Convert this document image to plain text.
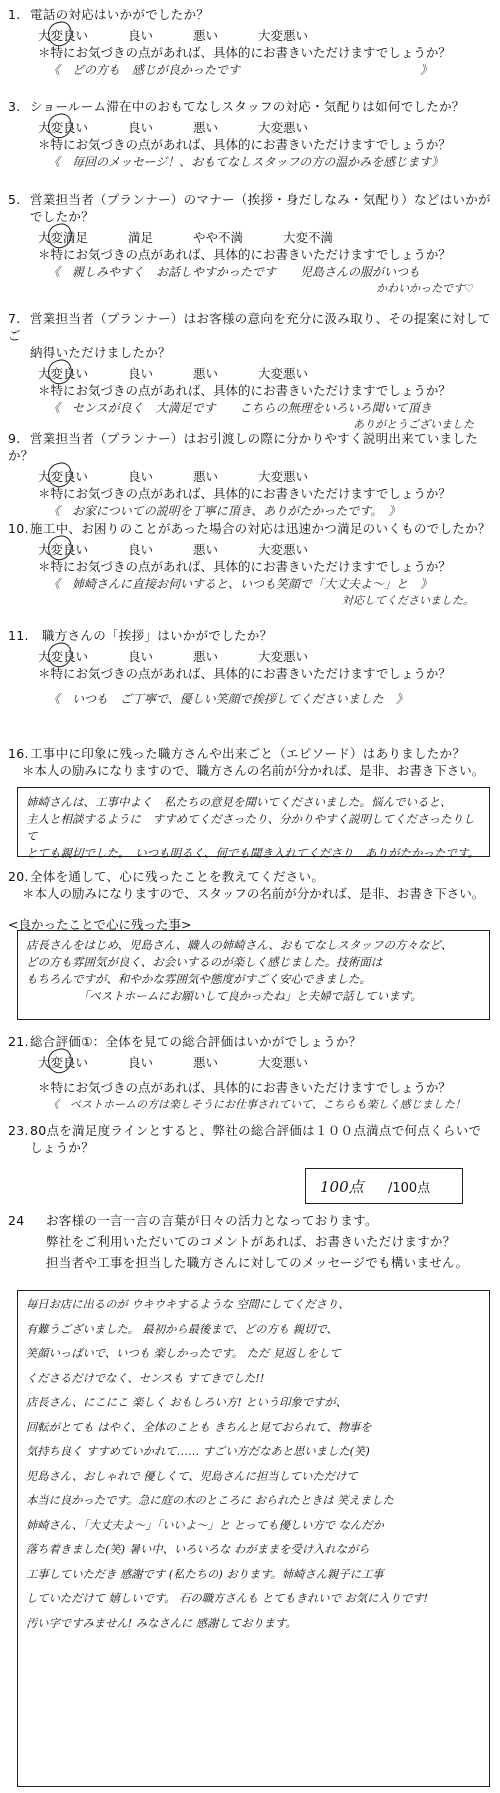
1. 電話の対応はいかがでしたか？
大変良い	良い	悪い	大変悪い
＊特にお気づきの点があれば、具体的にお書きいただけますでしょうか？
《　どの方も　感じが良かったです　　　　　　　　　　　　　　　》
3. ショールーム滞在中のおもてなしスタッフの対応・気配りは如何でしたか？
大変良い	良い	悪い	大変悪い
＊特にお気づきの点があれば、具体的にお書きいただけますでしょうか？
《　毎回のメッセージ！、おもてなしスタッフの方の温かみを感じます》
5. 営業担当者（プランナー）のマナー（挨拶・身だしなみ・気配り）などはいかが
でしたか？
大変満足	満足	やや不満	大変不満
＊特にお気づきの点があれば、具体的にお書きいただけますでしょうか？
《　親しみやすく　お話しやすかったです　　児島さんの服がいつも
かわいかったです♡
7. 営業担当者（プランナー）はお客様の意向を充分に汲み取り、その提案に対してご
納得いただけましたか？
大変良い	良い	悪い	大変悪い
＊特にお気づきの点があれば、具体的にお書きいただけますでしょうか？
《　センスが良く　大満足です　　こちらの無理をいろいろ聞いて頂き
ありがとうございました
9. 営業担当者（プランナー）はお引渡しの際に分かりやすく説明出来ていましたか？
大変良い	良い	悪い	大変悪い
＊特にお気づきの点があれば、具体的にお書きいただけますでしょうか？
《　お家についての説明を丁寧に頂き、ありがたかったです。　》
10.施工中、お困りのことがあった場合の対応は迅速かつ満足のいくものでしたか？
大変良い	良い	悪い	大変悪い
＊特にお気づきの点があれば、具体的にお書きいただけますでしょうか？
《　姉崎さんに直接お伺いすると、いつも笑顔で「大丈夫よ〜」と　》
対応してくださいました。
11. 職方さんの「挨拶」はいかがでしたか？
大変良い	良い	悪い	大変悪い
＊特にお気づきの点があれば、具体的にお書きいただけますでしょうか？
《　いつも　ご丁寧で、優しい笑顔で挨拶してくださいました　》
16.工事中に印象に残った職方さんや出来ごと（エピソード）はありましたか？
＊本人の励みになりますので、職方さんの名前が分かれば、是非、お書き下さい。
姉崎さんは、工事中よく　私たちの意見を聞いてくださいました。悩んでいると、
主人と相談するように　すすめてくださったり、分かりやすく説明してくださったりして
とても親切でした。　いつも明るく、何でも聞き入れてくださり　ありがたかったです。
20.全体を通して、心に残ったことを教えてください。
＊本人の励みになりますので、スタッフの名前が分かれば、是非、お書き下さい。
<良かったことで心に残った事>
店長さんをはじめ、児島さん、職人の姉崎さん、おもてなしスタッフの方々など、
どの方も雰囲気が良く、お会いするのが楽しく感じました。技術面は
もちろんですが、和やかな雰囲気や態度がすごく安心できました。
　　　　　「ベストホームにお願いして良かったね」と夫婦で話しています。
21.総合評価①：全体を見ての総合評価はいかがでしょうか？
大変良い	良い	悪い	大変悪い
＊特にお気づきの点があれば、具体的にお書きいただけますでしょうか？
《　ベストホームの方は楽しそうにお仕事されていて、こちらも楽しく感じました！
23.80点を満足度ラインとすると、弊社の総合評価は１００点満点で何点くらいで
しょうか？
100点 /100点
24 お客様の一言一言の言葉が日々の活力となっております。
弊社をご利用いただいてのコメントがあれば、お書きいただけますか？
担当者や工事を担当した職方さんに対してのメッセージでも構いません。
毎日お店に出るのが ウキウキするような 空間にしてくださり、
有難うございました。 最初から最後まで、どの方も 親切で、
笑顔いっぱいで、いつも 楽しかったです。 ただ 見返しをして
くださるだけでなく、センスも すてきでした!!
店長さん、にこにこ 楽しく おもしろい方! という印象ですが、
回転がとても はやく、全体のことも きちんと見ておられて、物事を
気持ち良く すすめていかれて…… すごい方だなあと思いました(笑)
児島さん、おしゃれで 優しくて、児島さんに担当していただけて
本当に良かったです。急に庭の木のところに おられたときは 笑えました
姉崎さん、「大丈夫よ〜」「いいよ〜」と とっても優しい方で なんだか
落ち着きました(笑) 暑い中、いろいろな わがままを受け入れながら
工事していただき 感謝です (私たちの) おります。姉崎さん親子に工事
していただけて 嬉しいです。 石の職方さんも とてもきれいで お気に入りです!
汚い字ですみません! みなさんに 感謝しております。
